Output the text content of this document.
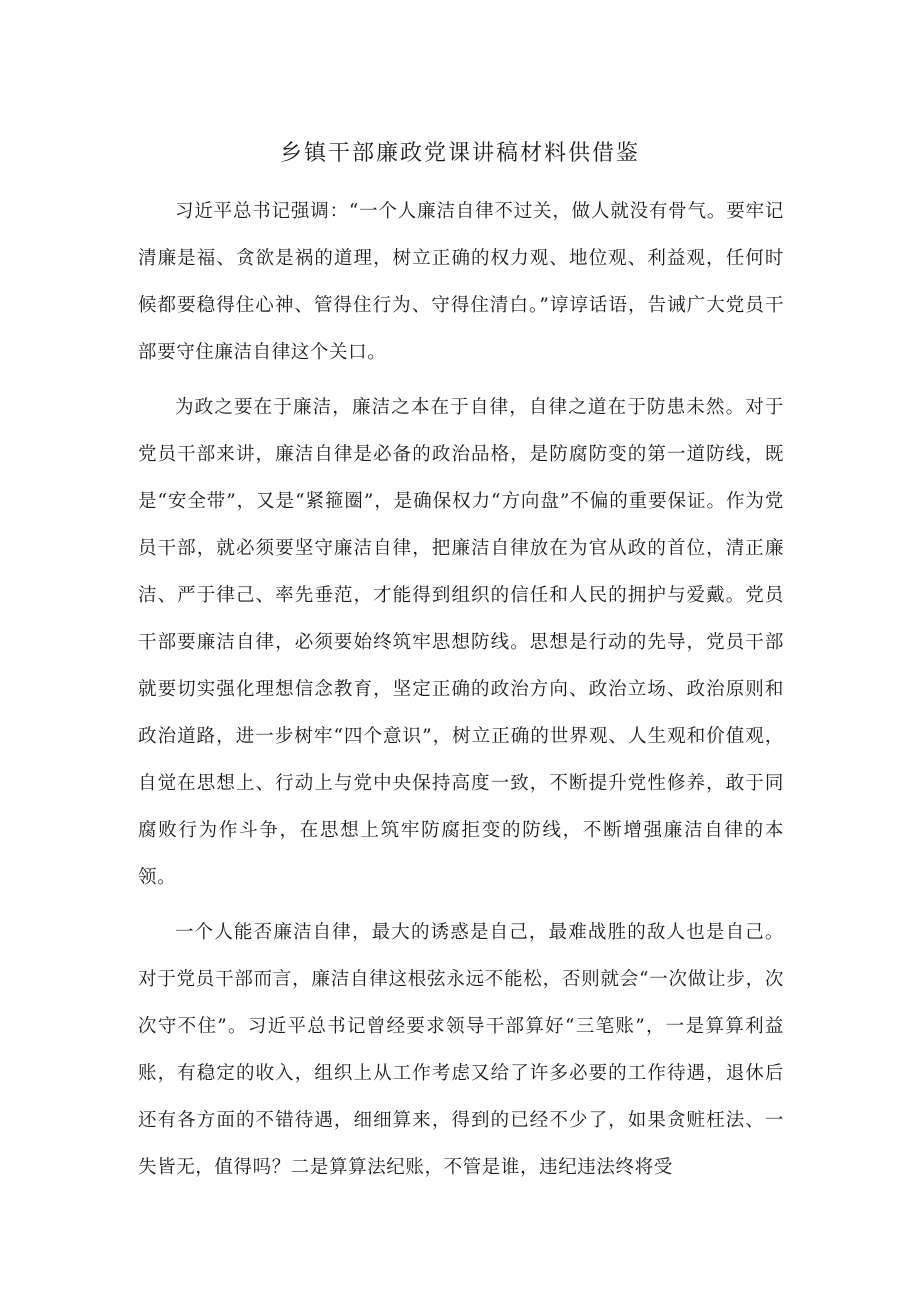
乡镇干部廉政党课讲稿材料供借鉴

习近平总书记强调：“一个人廉洁自律不过关，做人就没有骨气。要牢记清廉是福、贪欲是祸的道理，树立正确的权力观、地位观、利益观，任何时候都要稳得住心神、管得住行为、守得住清白。”谆谆话语，告诫广大党员干部要守住廉洁自律这个关口。

为政之要在于廉洁，廉洁之本在于自律，自律之道在于防患未然。对于党员干部来讲，廉洁自律是必备的政治品格，是防腐防变的第一道防线，既是“安全带”，又是“紧箍圈”，是确保权力“方向盘”不偏的重要保证。作为党员干部，就必须要坚守廉洁自律，把廉洁自律放在为官从政的首位，清正廉洁、严于律己、率先垂范，才能得到组织的信任和人民的拥护与爱戴。党员干部要廉洁自律，必须要始终筑牢思想防线。思想是行动的先导，党员干部就要切实强化理想信念教育，坚定正确的政治方向、政治立场、政治原则和政治道路，进一步树牢“四个意识”，树立正确的世界观、人生观和价值观，自觉在思想上、行动上与党中央保持高度一致，不断提升党性修养，敢于同腐败行为作斗争，在思想上筑牢防腐拒变的防线，不断增强廉洁自律的本领。

一个人能否廉洁自律，最大的诱惑是自己，最难战胜的敌人也是自己。对于党员干部而言，廉洁自律这根弦永远不能松，否则就会“一次做让步，次次守不住”。习近平总书记曾经要求领导干部算好“三笔账”，一是算算利益账，有稳定的收入，组织上从工作考虑又给了许多必要的工作待遇，退休后还有各方面的不错待遇，细细算来，得到的已经不少了，如果贪赃枉法、一失皆无，值得吗？二是算算法纪账，不管是谁，违纪违法终将受
